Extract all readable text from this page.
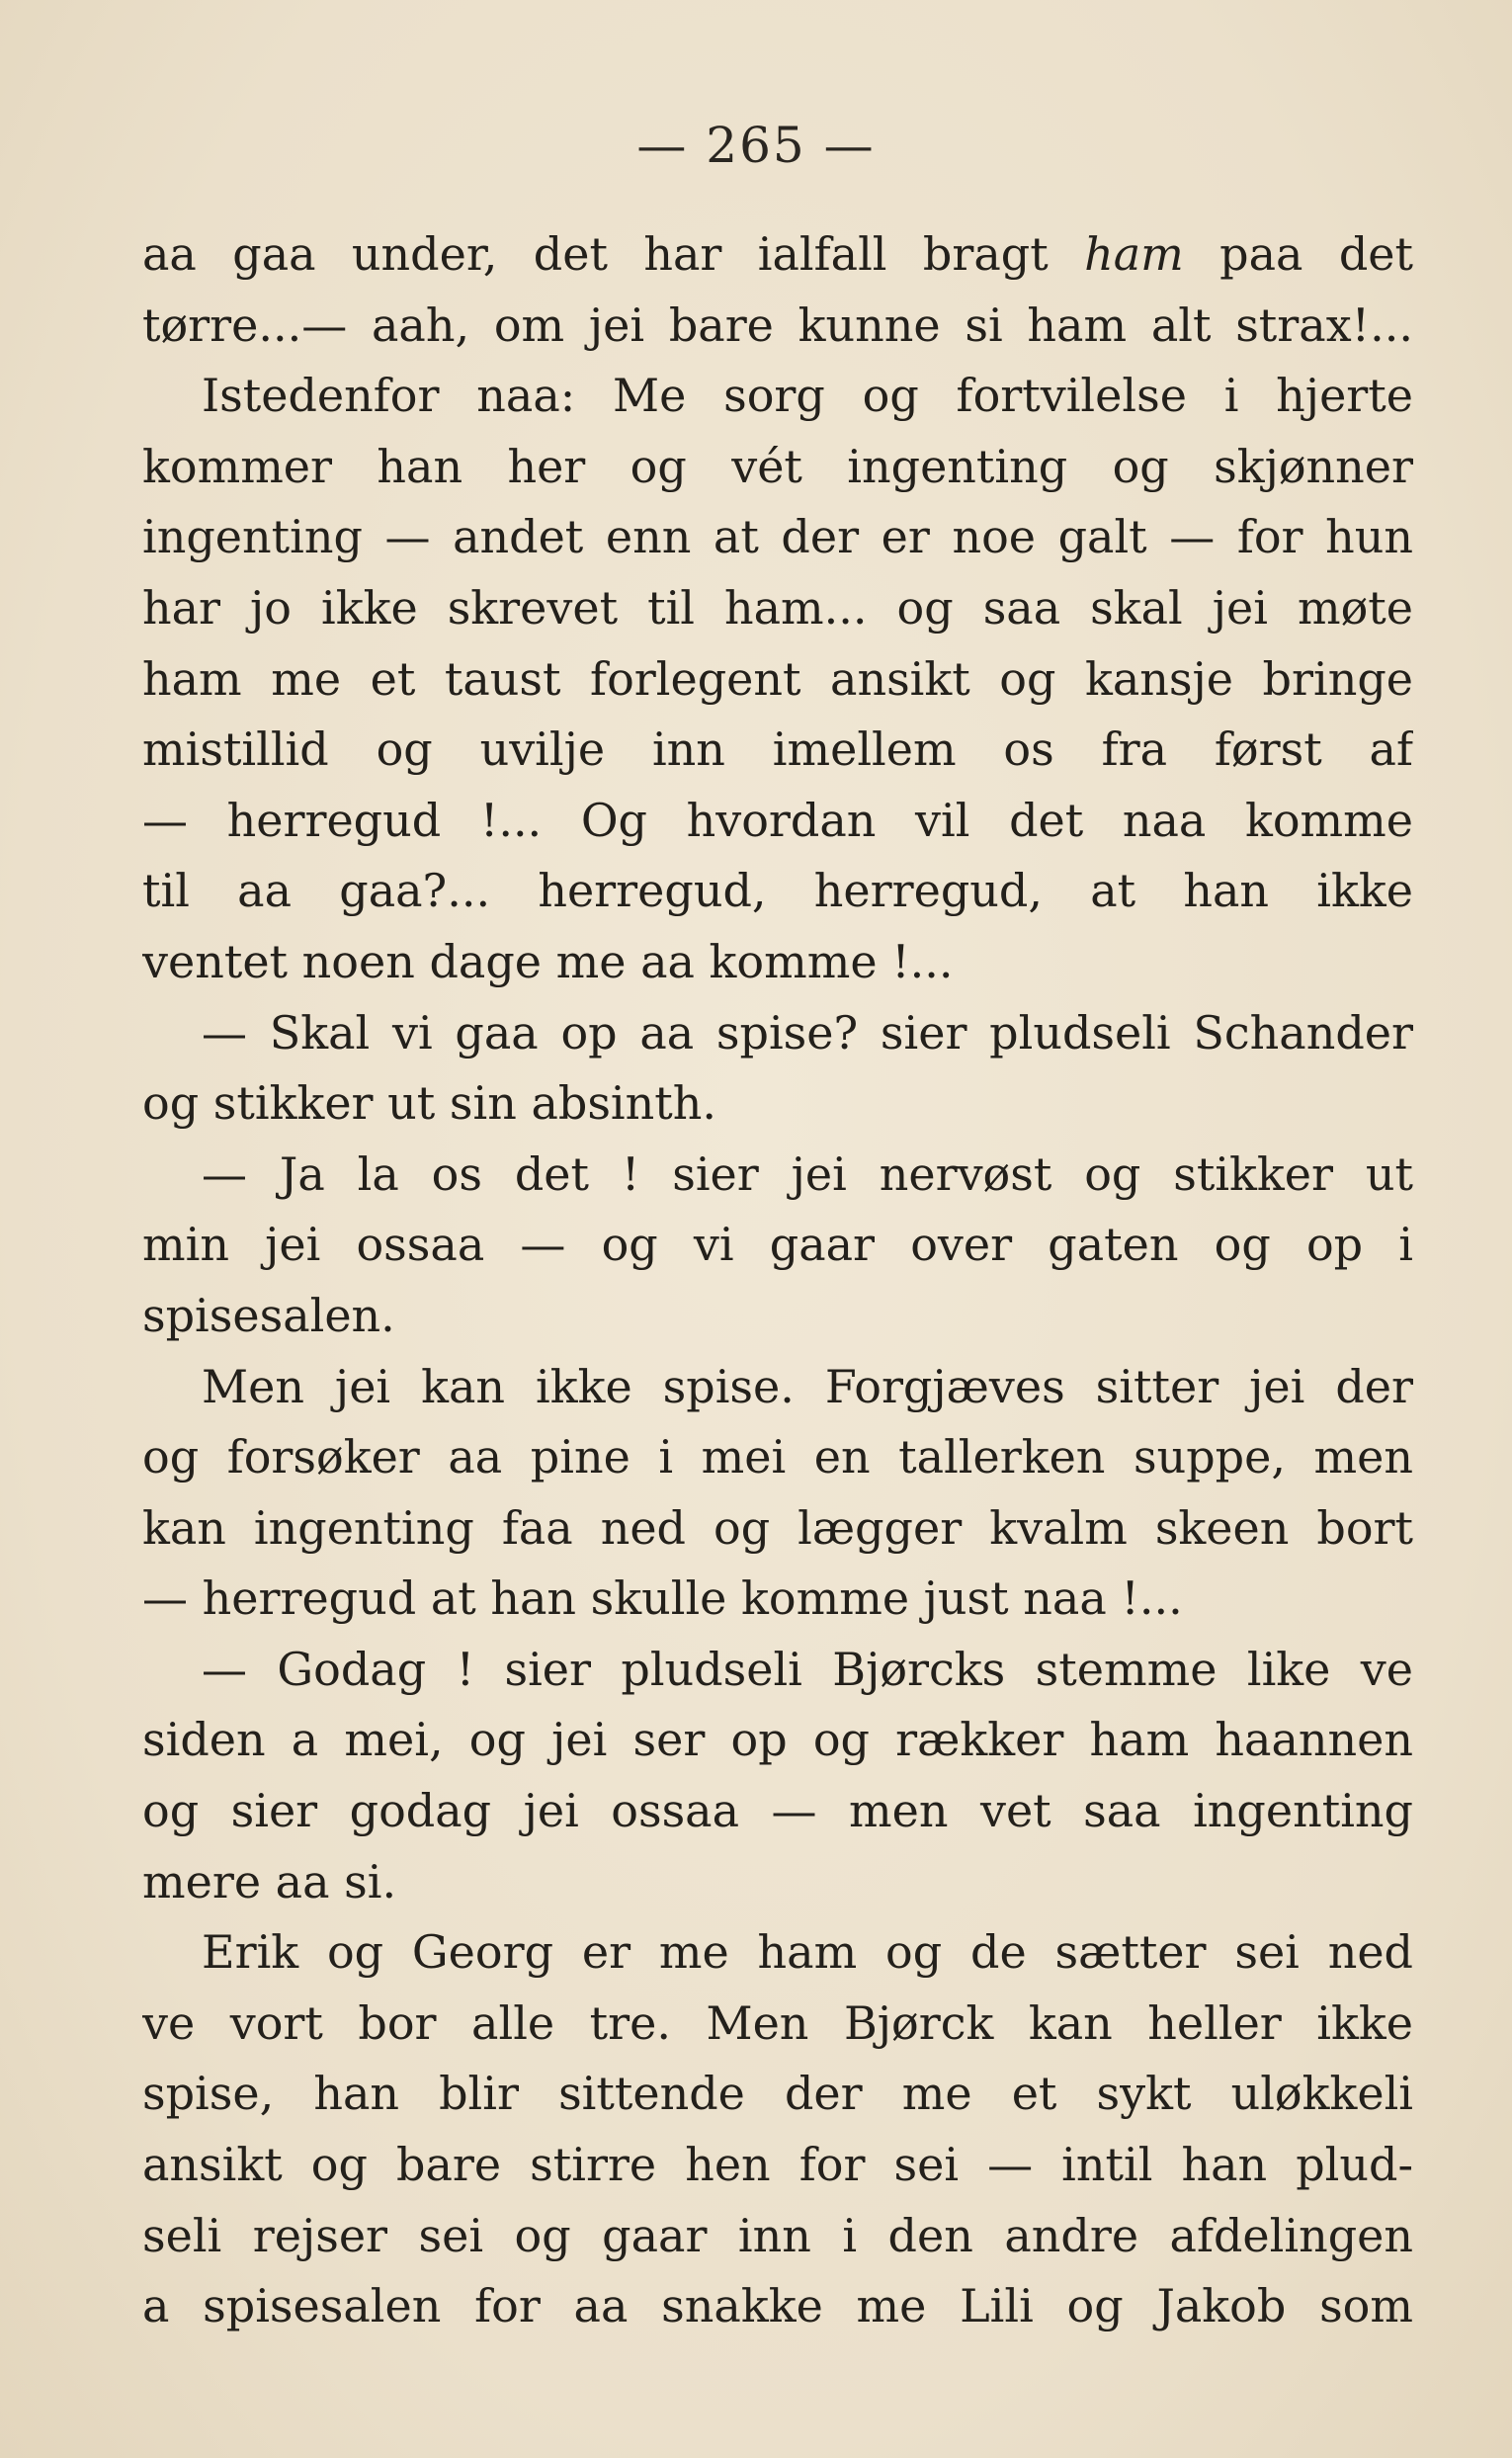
— 265 —
aa gaa under, det har ialfall bragt ham paa det
tørre...— aah, om jei bare kunne si ham alt strax!...
Istedenfor naa: Me sorg og fortvilelse i hjerte
kommer han her og vét ingenting og skjønner
ingenting — andet enn at der er noe galt — for hun
har jo ikke skrevet til ham... og saa skal jei møte
ham me et taust forlegent ansikt og kansje bringe
mistillid og uvilje inn imellem os fra først af
— herregud !... Og hvordan vil det naa komme
til aa gaa?... herregud, herregud, at han ikke
ventet noen dage me aa komme !...
— Skal vi gaa op aa spise? sier pludseli Schander
og stikker ut sin absinth.
— Ja la os det ! sier jei nervøst og stikker ut
min jei ossaa — og vi gaar over gaten og op i
spisesalen.
Men jei kan ikke spise. Forgjæves sitter jei der
og forsøker aa pine i mei en tallerken suppe, men
kan ingenting faa ned og lægger kvalm skeen bort
— herregud at han skulle komme just naa !...
— Godag ! sier pludseli Bjørcks stemme like ve
siden a mei, og jei ser op og rækker ham haannen
og sier godag jei ossaa — men vet saa ingenting
mere aa si.
Erik og Georg er me ham og de sætter sei ned
ve vort bor alle tre. Men Bjørck kan heller ikke
spise, han blir sittende der me et sykt uløkkeli
ansikt og bare stirre hen for sei — intil han plud-
seli rejser sei og gaar inn i den andre afdelingen
a spisesalen for aa snakke me Lili og Jakob som
